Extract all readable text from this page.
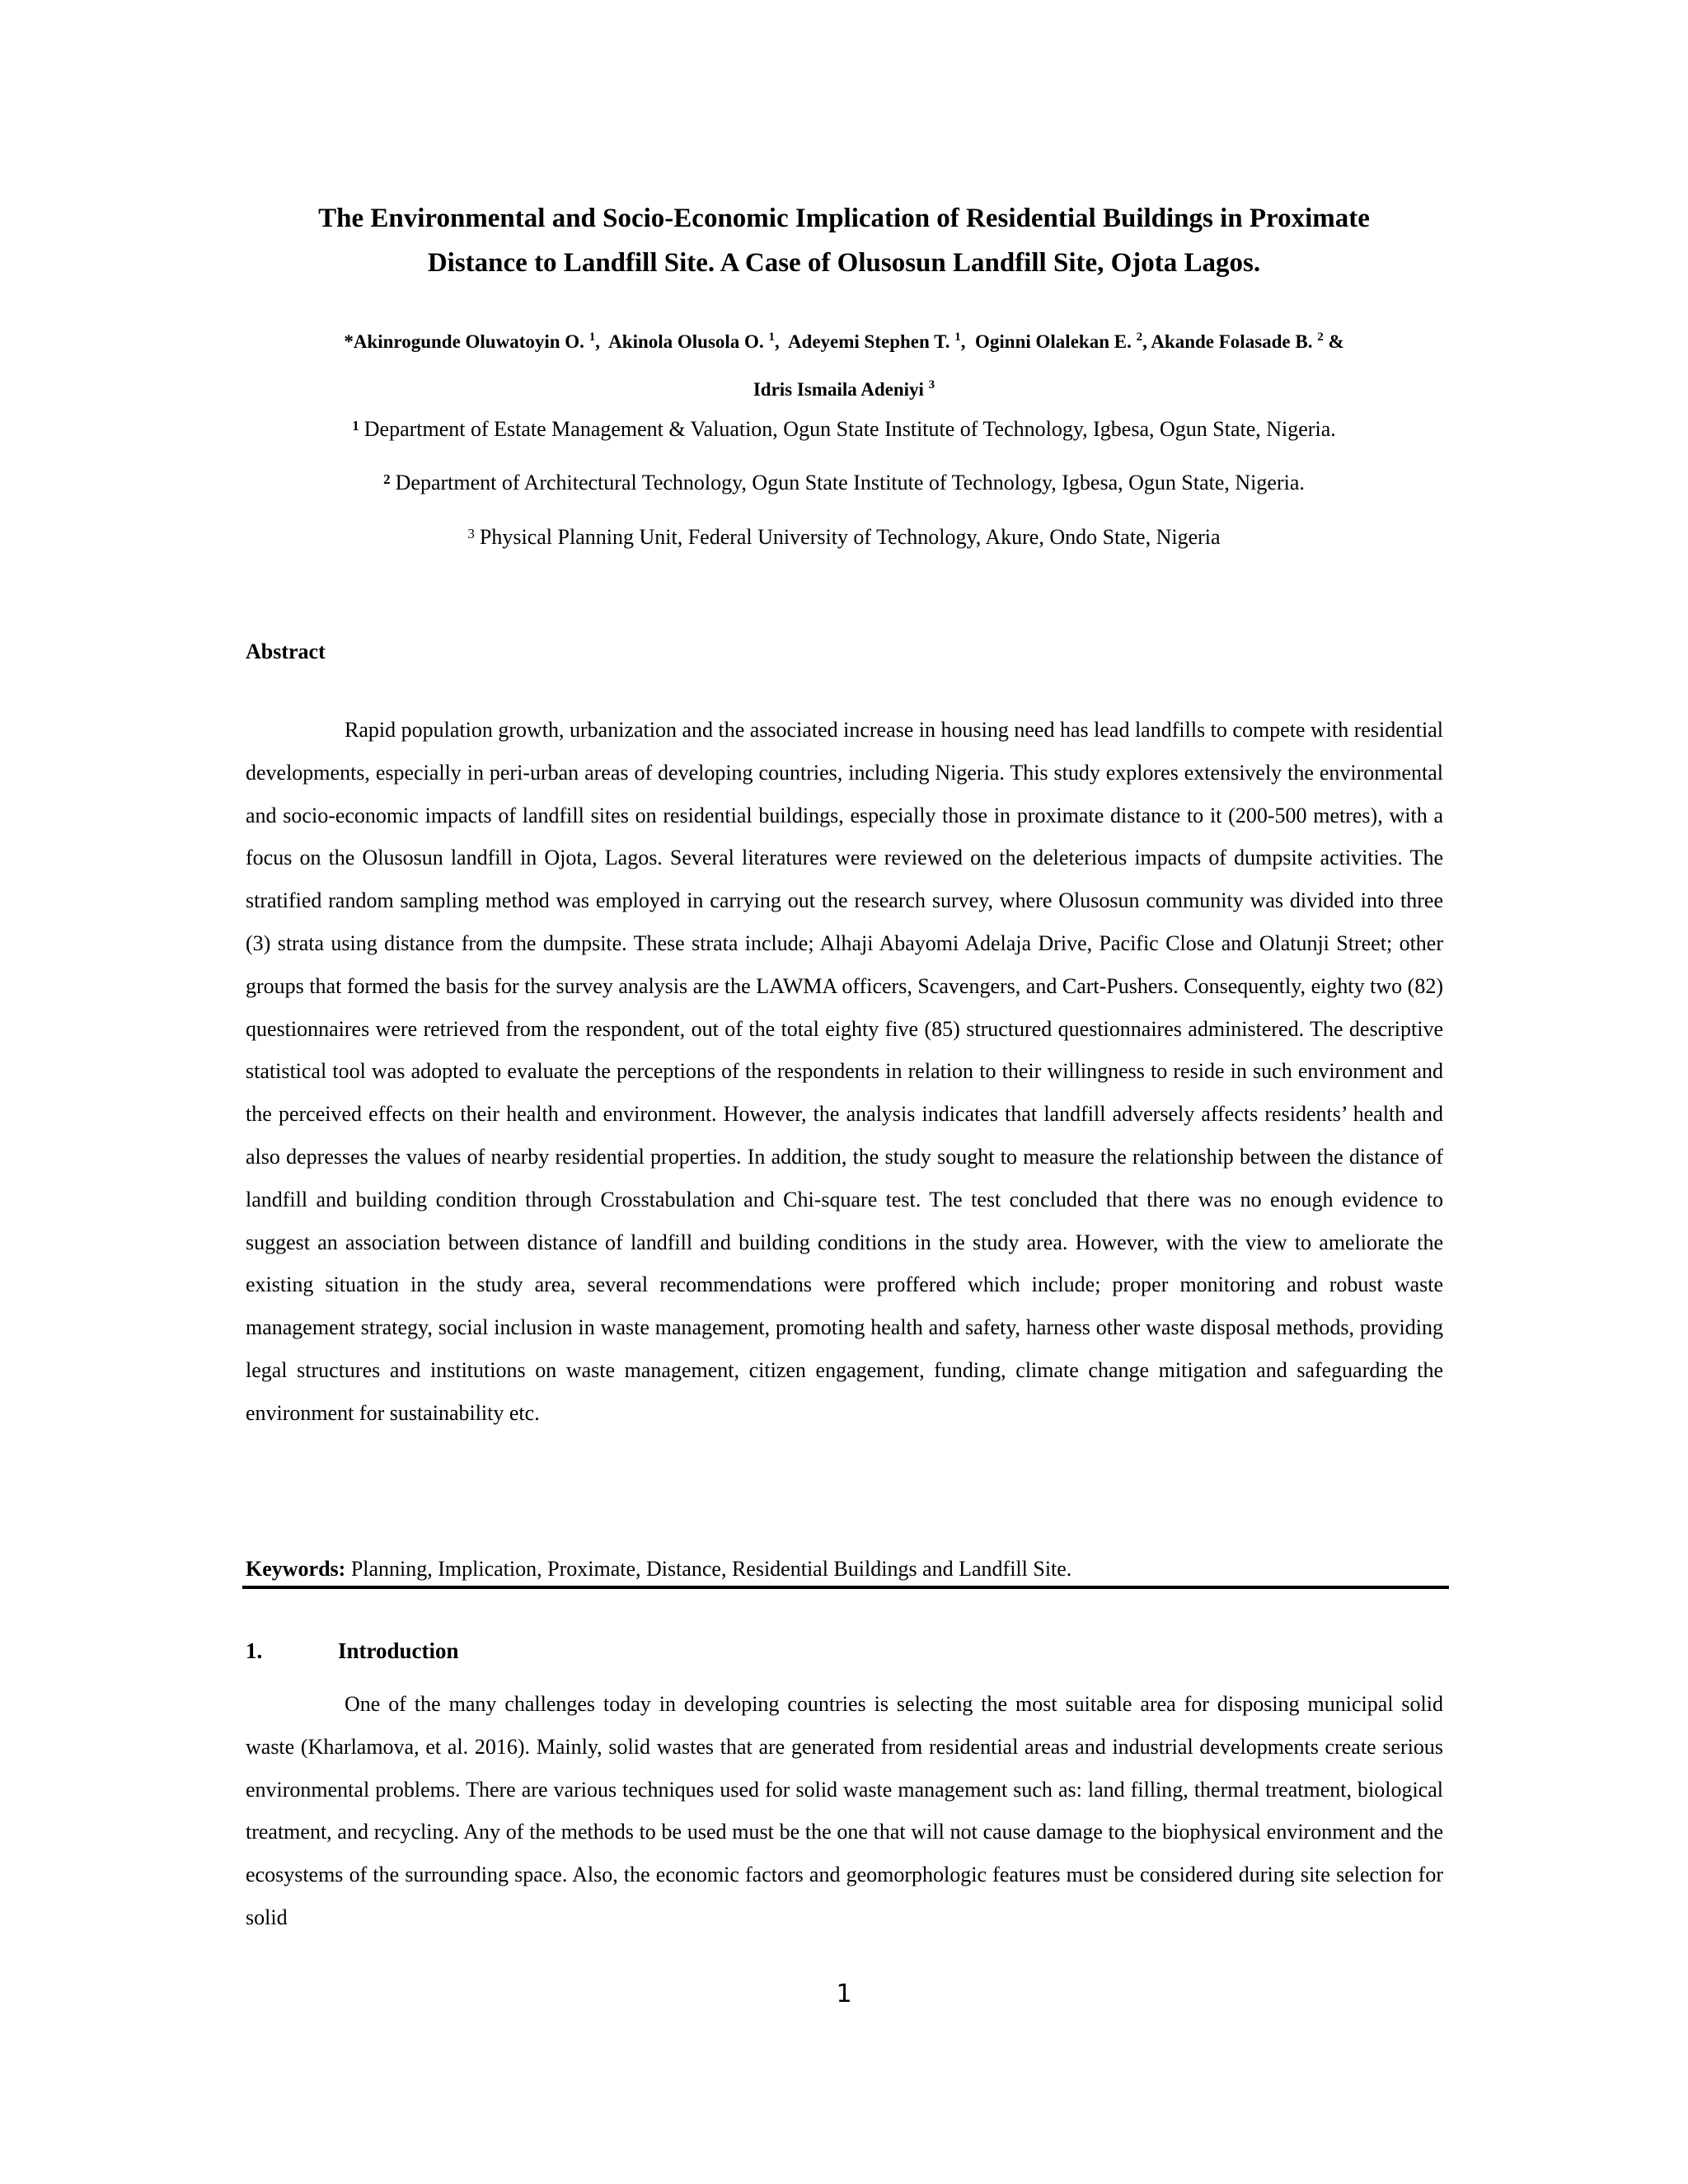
The Environmental and Socio-Economic Implication of Residential Buildings in Proximate
Distance to Landfill Site. A Case of Olusosun Landfill Site, Ojota Lagos.
*Akinrogunde Oluwatoyin O. $^1$, Akinola Olusola O. $^1$, Adeyemi Stephen T. $^1$, Oginni Olalekan E. $^2$, Akande Folasade B. $^2$ &
Idris Ismaila Adeniyi $^3$
$^1$ Department of Estate Management & Valuation, Ogun State Institute of Technology, Igbesa, Ogun State, Nigeria.
$^2$ Department of Architectural Technology, Ogun State Institute of Technology, Igbesa, Ogun State, Nigeria.
$^3$ Physical Planning Unit, Federal University of Technology, Akure, Ondo State, Nigeria
Abstract

Rapid population growth, urbanization and the associated increase in housing need has lead landfills to compete with residential developments, especially in peri-urban areas of developing countries, including Nigeria. This study explores extensively the environmental and socio-economic impacts of landfill sites on residential buildings, especially those in proximate distance to it (200-500 metres), with a focus on the Olusosun landfill in Ojota, Lagos. Several literatures were reviewed on the deleterious impacts of dumpsite activities. The stratified random sampling method was employed in carrying out the research survey, where Olusosun community was divided into three (3) strata using distance from the dumpsite. These strata include; Alhaji Abayomi Adelaja Drive, Pacific Close and Olatunji Street; other groups that formed the basis for the survey analysis are the LAWMA officers, Scavengers, and Cart-Pushers. Consequently, eighty two (82) questionnaires were retrieved from the respondent, out of the total eighty five (85) structured questionnaires administered. The descriptive statistical tool was adopted to evaluate the perceptions of the respondents in relation to their willingness to reside in such environment and the perceived effects on their health and environment. However, the analysis indicates that landfill adversely affects residents’ health and also depresses the values of nearby residential properties. In addition, the study sought to measure the relationship between the distance of landfill and building condition through Crosstabulation and Chi-square test. The test concluded that there was no enough evidence to suggest an association between distance of landfill and building conditions in the study area. However, with the view to ameliorate the existing situation in the study area, several recommendations were proffered which include; proper monitoring and robust waste management strategy, social inclusion in waste management, promoting health and safety, harness other waste disposal methods, providing legal structures and institutions on waste management, citizen engagement, funding, climate change mitigation and safeguarding the environment for sustainability etc.

Keywords: Planning, Implication, Proximate, Distance, Residential Buildings and Landfill Site.
1.	Introduction

One of the many challenges today in developing countries is selecting the most suitable area for disposing municipal solid waste (Kharlamova, et al. 2016). Mainly, solid wastes that are generated from residential areas and industrial developments create serious environmental problems. There are various techniques used for solid waste management such as: land filling, thermal treatment, biological treatment, and recycling. Any of the methods to be used must be the one that will not cause damage to the biophysical environment and the ecosystems of the surrounding space. Also, the economic factors and geomorphologic features must be considered during site selection for solid

1
